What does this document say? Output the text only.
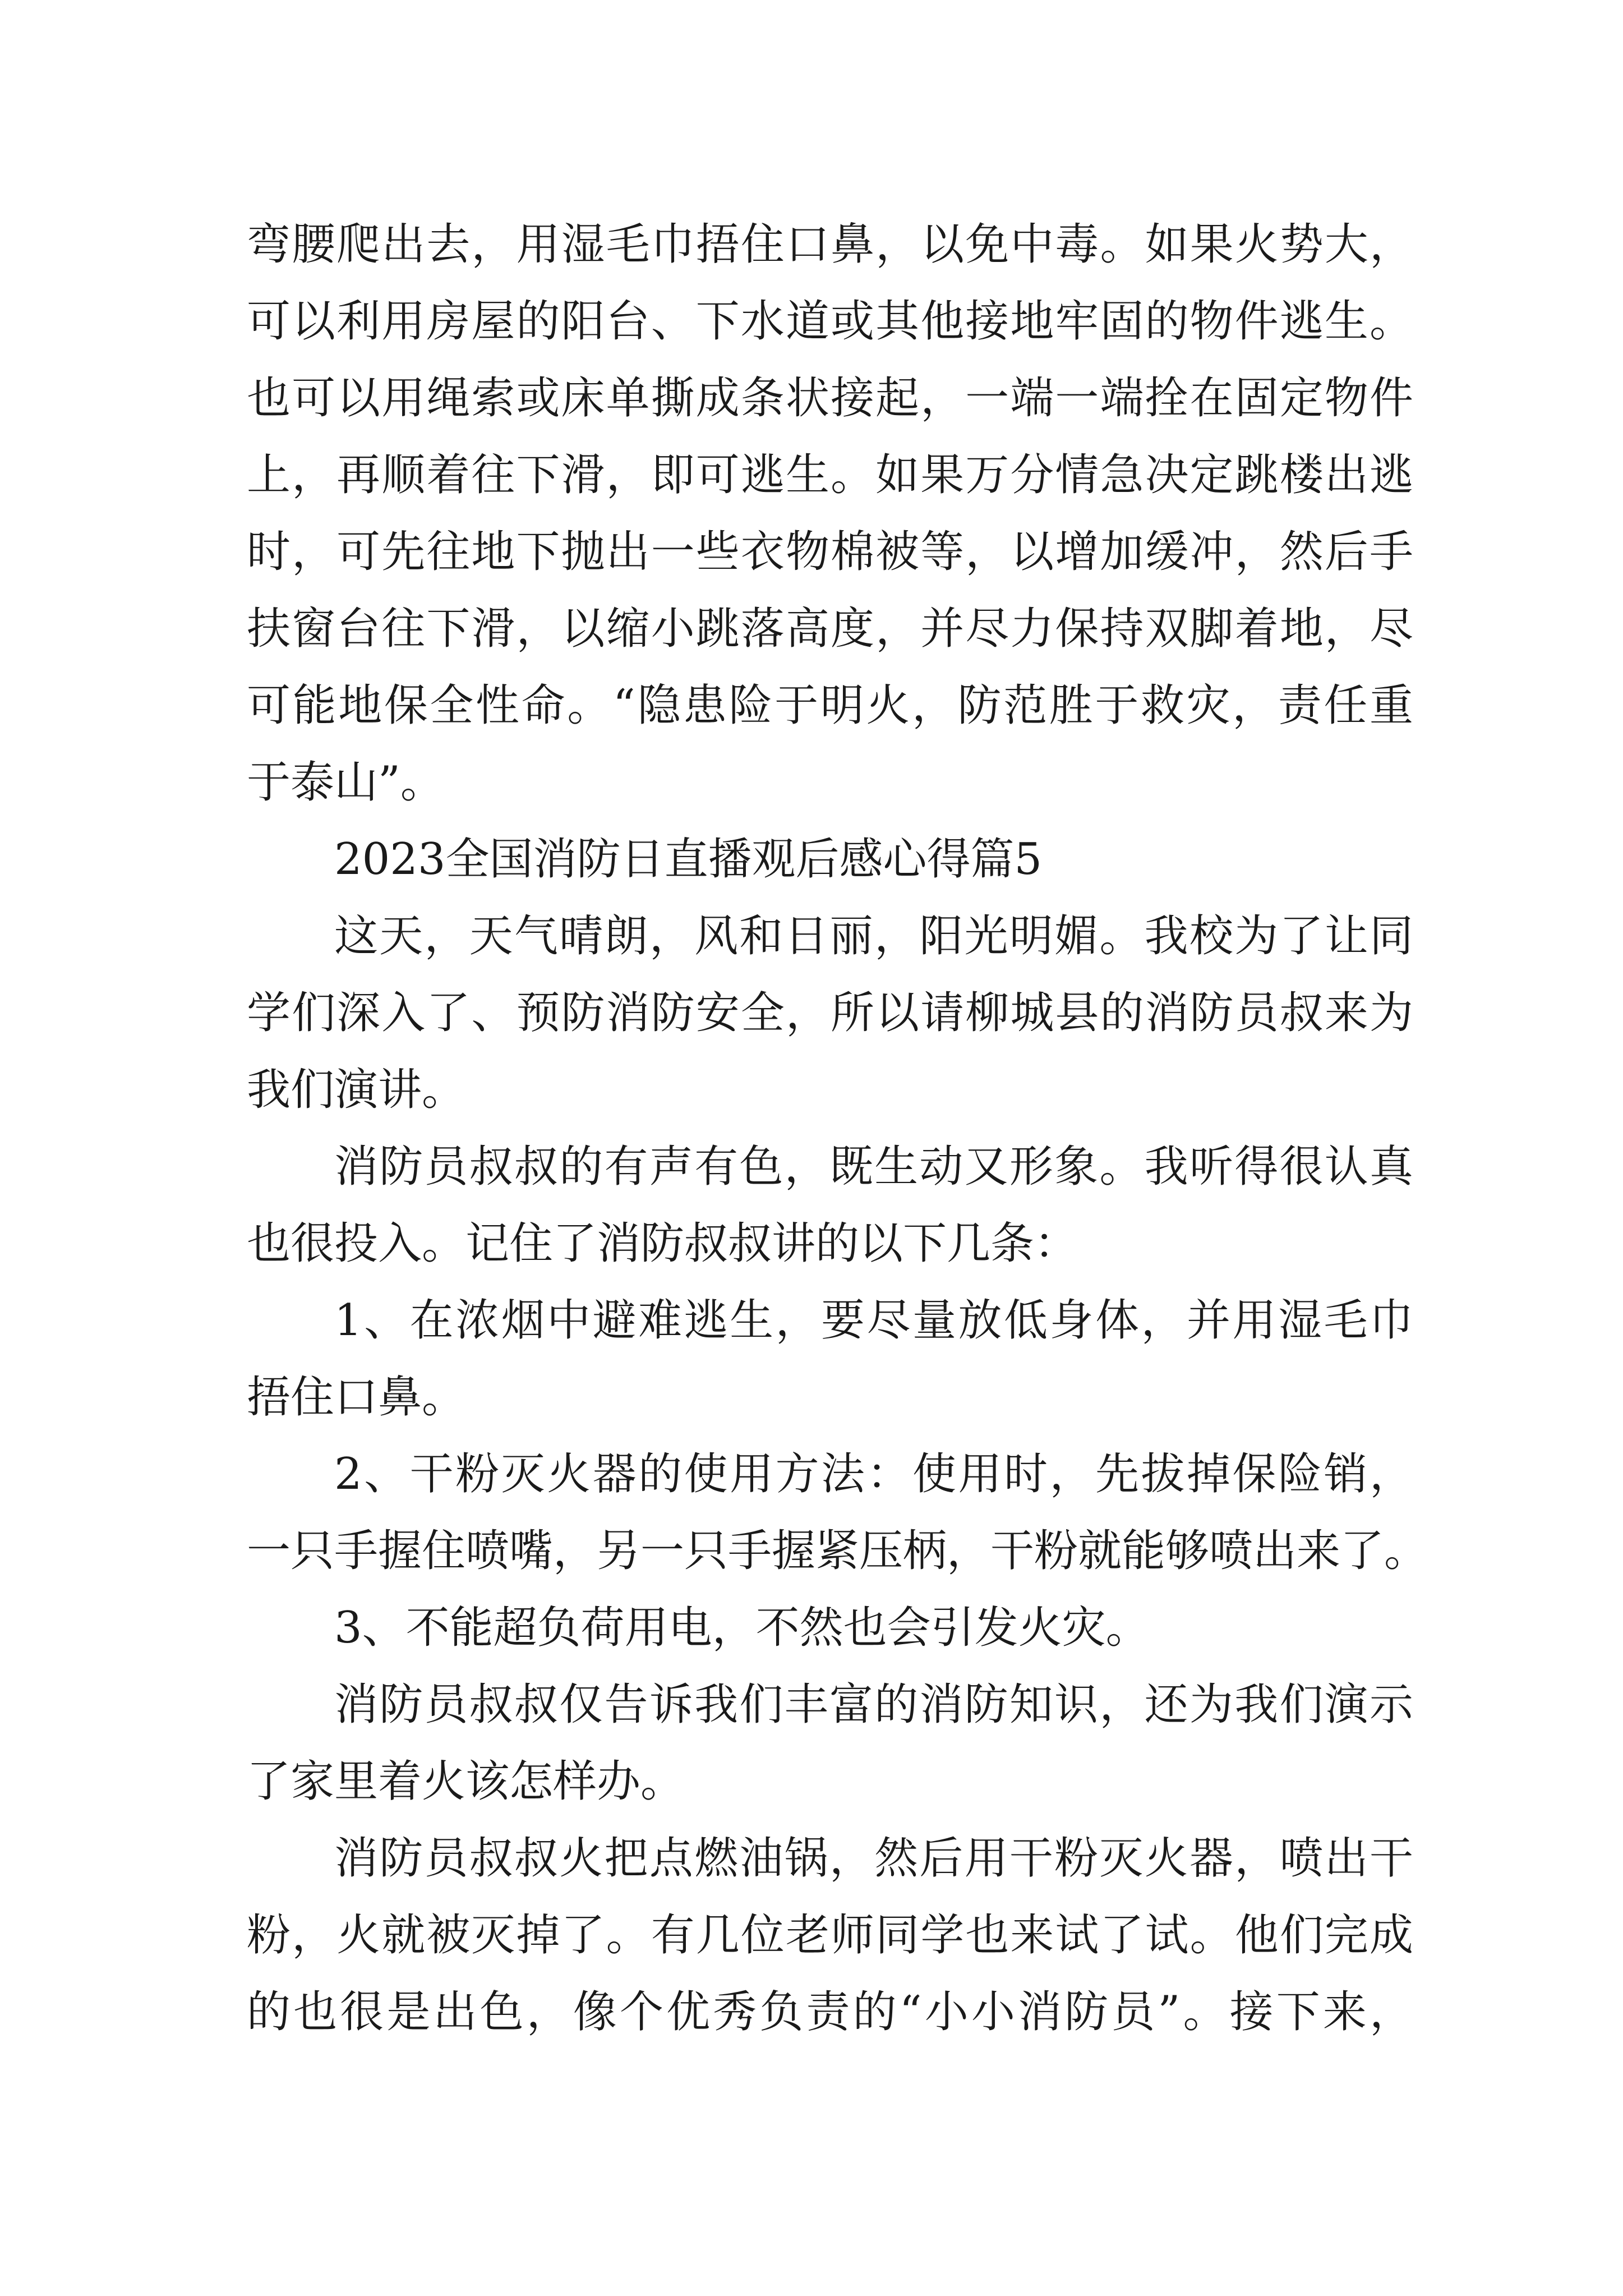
弯腰爬出去，用湿毛巾捂住口鼻，以免中毒。如果火势大，
可以利用房屋的阳台、下水道或其他接地牢固的物件逃生。
也可以用绳索或床单撕成条状接起，一端一端拴在固定物件
上，再顺着往下滑，即可逃生。如果万分情急决定跳楼出逃
时，可先往地下抛出一些衣物棉被等，以增加缓冲，然后手
扶窗台往下滑，以缩小跳落高度，并尽力保持双脚着地，尽
可能地保全性命。“隐患险于明火，防范胜于救灾，责任重
于泰山”。
2023全国消防日直播观后感心得篇5
这天，天气晴朗，风和日丽，阳光明媚。我校为了让同
学们深入了、预防消防安全，所以请柳城县的消防员叔来为
我们演讲。
消防员叔叔的有声有色，既生动又形象。我听得很认真
也很投入。记住了消防叔叔讲的以下几条：
1、在浓烟中避难逃生，要尽量放低身体，并用湿毛巾
捂住口鼻。
2、干粉灭火器的使用方法：使用时，先拔掉保险销，
一只手握住喷嘴，另一只手握紧压柄，干粉就能够喷出来了。
3、不能超负荷用电，不然也会引发火灾。
消防员叔叔仅告诉我们丰富的消防知识，还为我们演示
了家里着火该怎样办。
消防员叔叔火把点燃油锅，然后用干粉灭火器，喷出干
粉，火就被灭掉了。有几位老师同学也来试了试。他们完成
的也很是出色，像个优秀负责的“小小消防员”。接下来，
